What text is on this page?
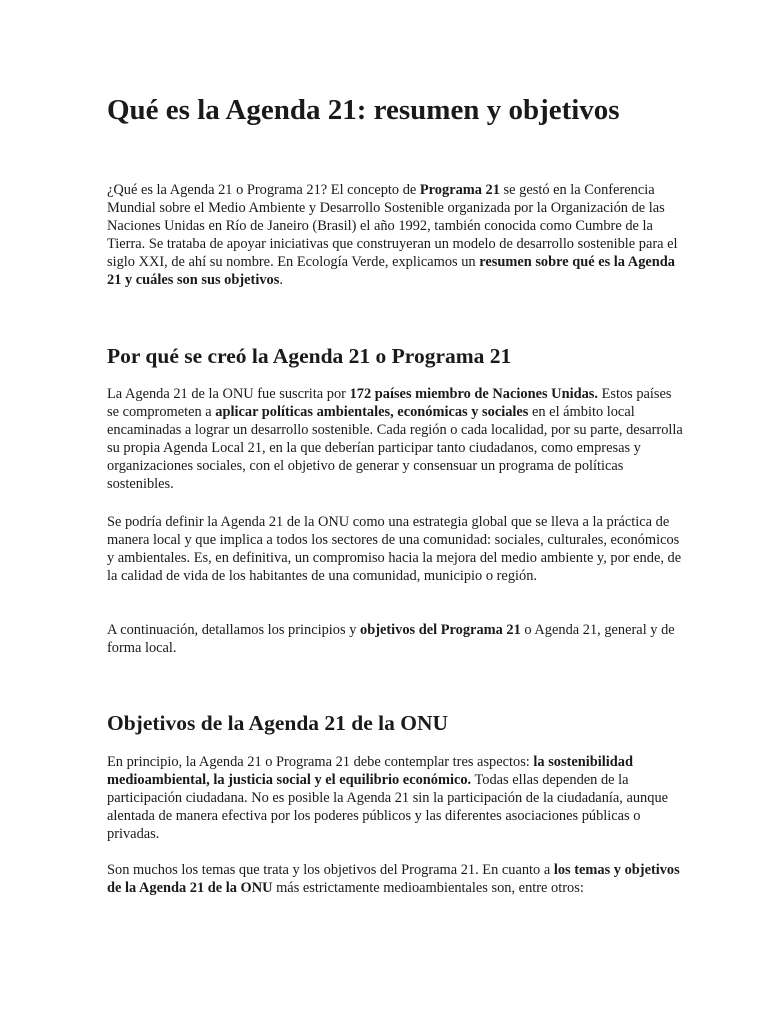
Qué es la Agenda 21: resumen y objetivos

¿Qué es la Agenda 21 o Programa 21? El concepto de Programa 21 se gestó en la Conferencia Mundial sobre el Medio Ambiente y Desarrollo Sostenible organizada por la Organización de las Naciones Unidas en Río de Janeiro (Brasil) el año 1992, también conocida como Cumbre de la Tierra. Se trataba de apoyar iniciativas que construyeran un modelo de desarrollo sostenible para el siglo XXI, de ahí su nombre. En Ecología Verde, explicamos un resumen sobre qué es la Agenda 21 y cuáles son sus objetivos.

Por qué se creó la Agenda 21 o Programa 21

La Agenda 21 de la ONU fue suscrita por 172 países miembro de Naciones Unidas. Estos países se comprometen a aplicar políticas ambientales, económicas y sociales en el ámbito local encaminadas a lograr un desarrollo sostenible. Cada región o cada localidad, por su parte, desarrolla su propia Agenda Local 21, en la que deberían participar tanto ciudadanos, como empresas y organizaciones sociales, con el objetivo de generar y consensuar un programa de políticas sostenibles.

Se podría definir la Agenda 21 de la ONU como una estrategia global que se lleva a la práctica de manera local y que implica a todos los sectores de una comunidad: sociales, culturales, económicos y ambientales. Es, en definitiva, un compromiso hacia la mejora del medio ambiente y, por ende, de la calidad de vida de los habitantes de una comunidad, municipio o región.

A continuación, detallamos los principios y objetivos del Programa 21 o Agenda 21, general y de forma local.

Objetivos de la Agenda 21 de la ONU

En principio, la Agenda 21 o Programa 21 debe contemplar tres aspectos: la sostenibilidad medioambiental, la justicia social y el equilibrio económico. Todas ellas dependen de la participación ciudadana. No es posible la Agenda 21 sin la participación de la ciudadanía, aunque alentada de manera efectiva por los poderes públicos y las diferentes asociaciones públicas o privadas.

Son muchos los temas que trata y los objetivos del Programa 21. En cuanto a los temas y objetivos de la Agenda 21 de la ONU más estrictamente medioambientales son, entre otros:
